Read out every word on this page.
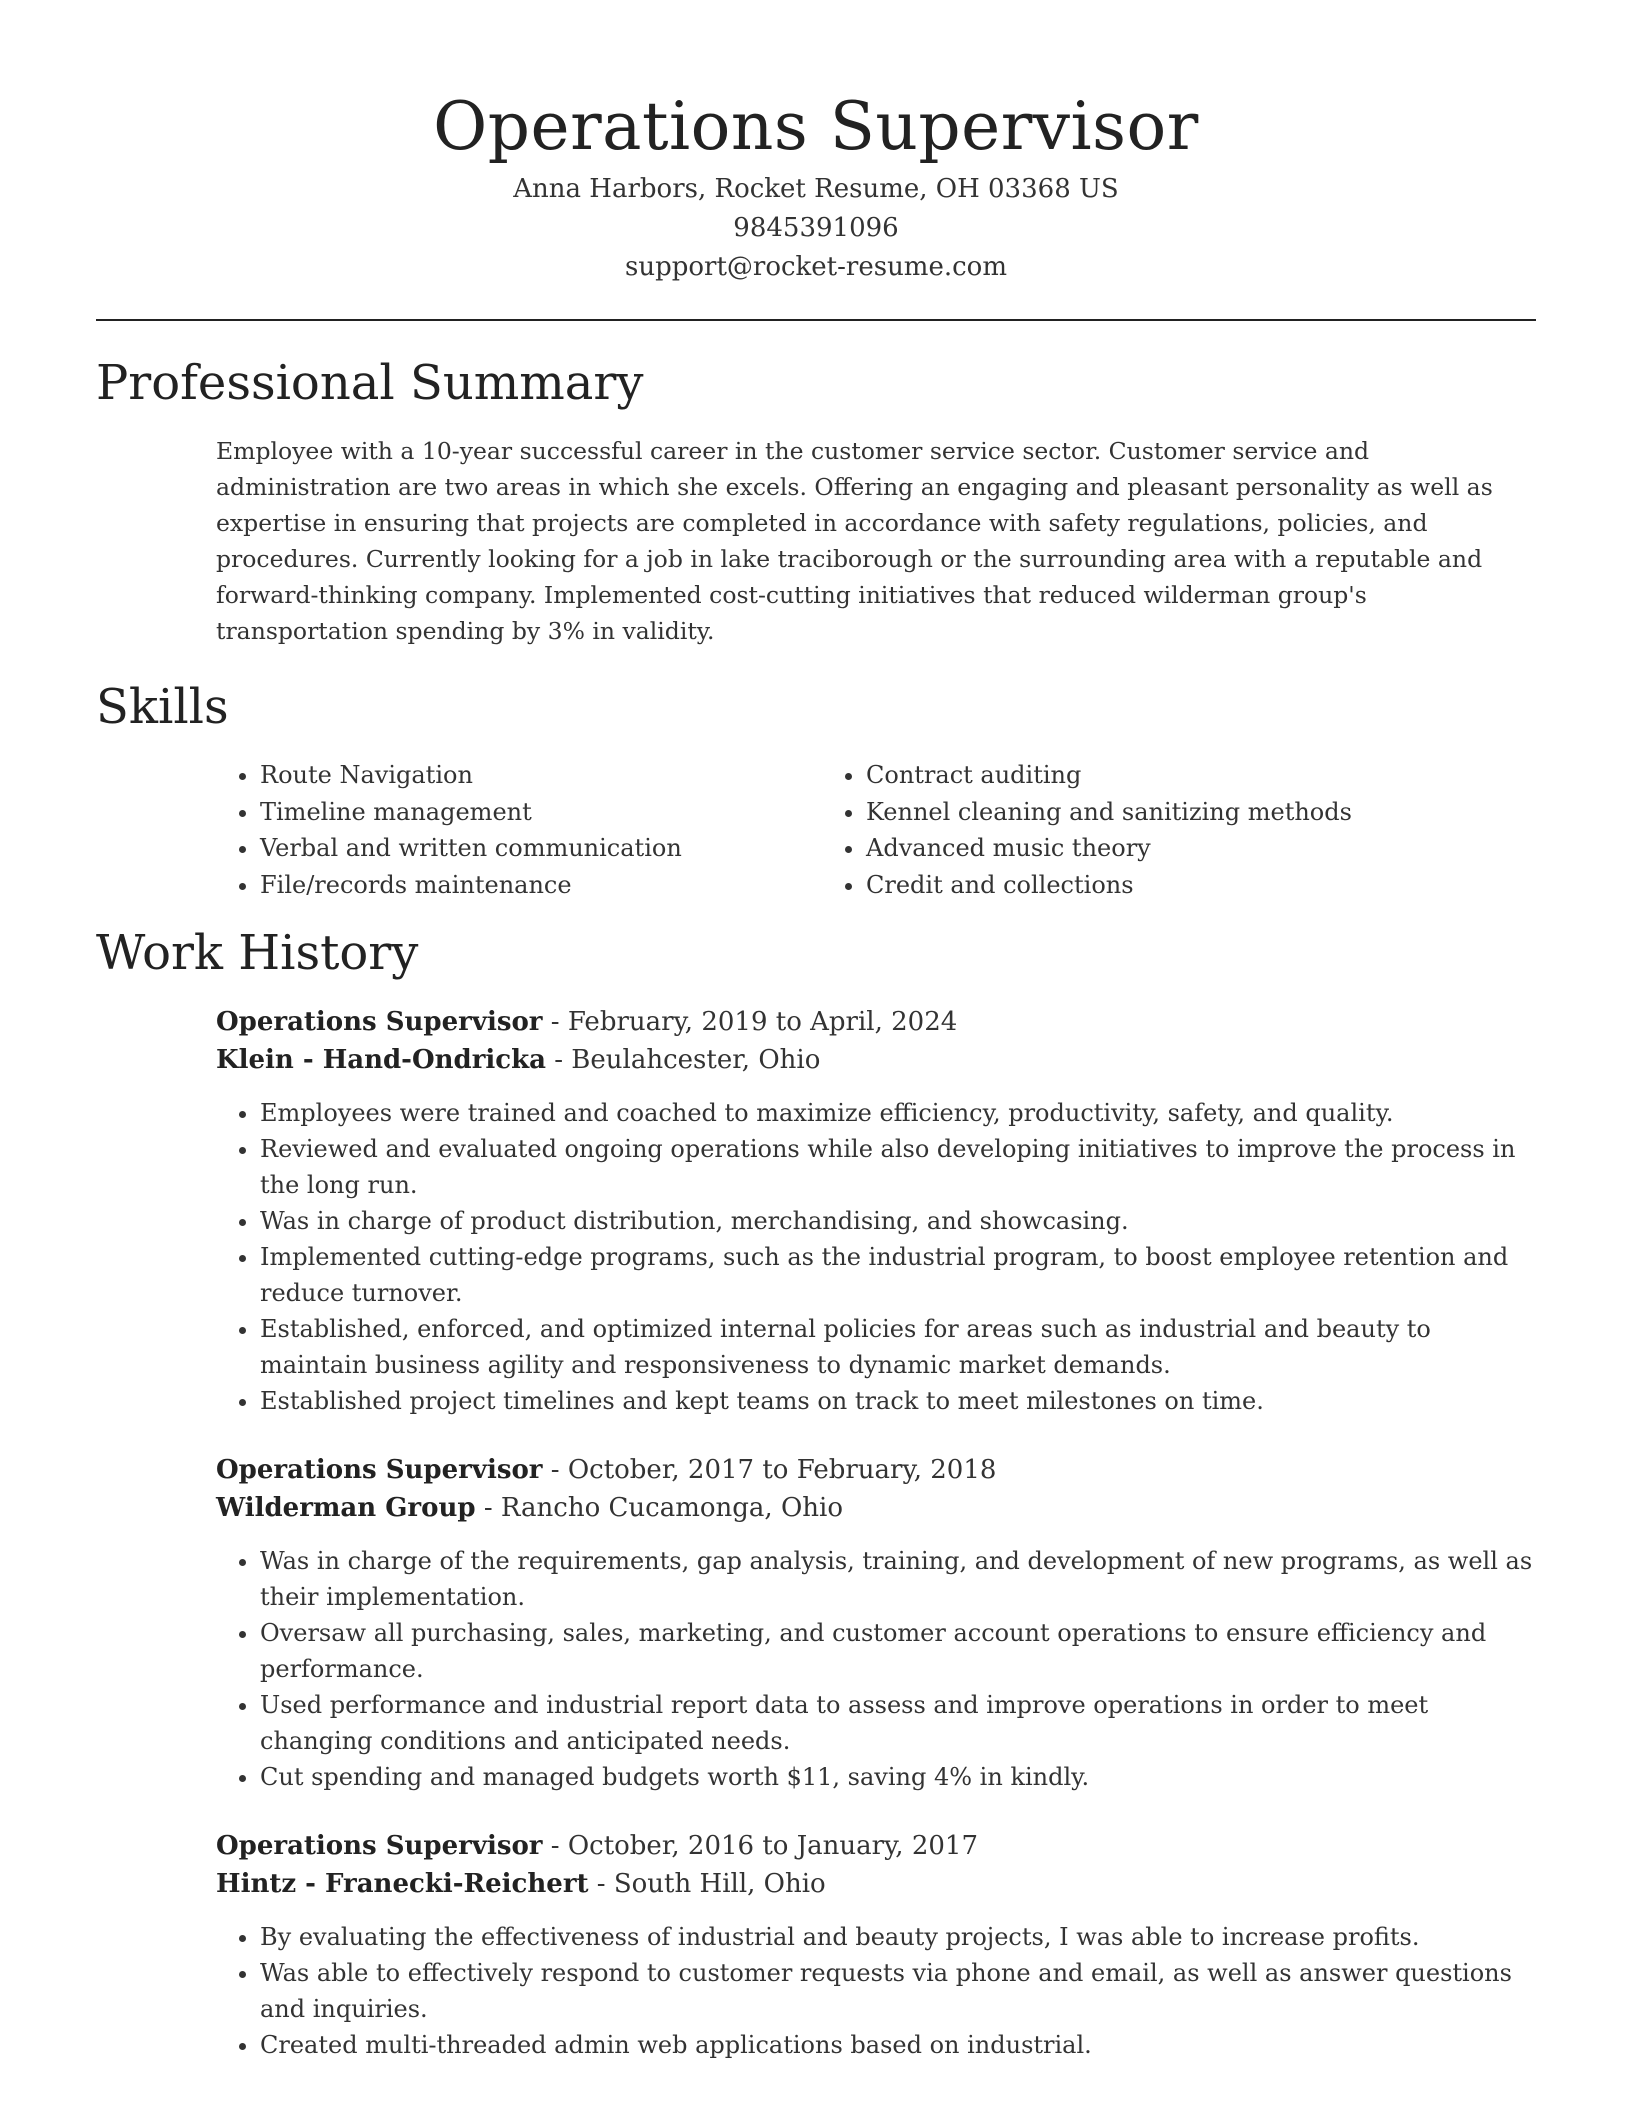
Operations Supervisor
Anna Harbors, Rocket Resume, OH 03368 US
9845391096
support@rocket-resume.com
Professional Summary

Employee with a 10-year successful career in the customer service sector. Customer service and administration are two areas in which she excels. Offering an engaging and pleasant personality as well as expertise in ensuring that projects are completed in accordance with safety regulations, policies, and procedures. Currently looking for a job in lake traciborough or the surrounding area with a reputable and forward-thinking company. Implemented cost-cutting initiatives that reduced wilderman group's transportation spending by 3% in validity.

Skills
• Route Navigation
• Timeline management
• Verbal and written communication
• File/records maintenance
• Contract auditing
• Kennel cleaning and sanitizing methods
• Advanced music theory
• Credit and collections
Work History
Operations Supervisor - February, 2019 to April, 2024
Klein - Hand-Ondricka - Beulahcester, Ohio
• Employees were trained and coached to maximize efficiency, productivity, safety, and quality.
• Reviewed and evaluated ongoing operations while also developing initiatives to improve the process in the long run.
• Was in charge of product distribution, merchandising, and showcasing.
• Implemented cutting-edge programs, such as the industrial program, to boost employee retention and reduce turnover.
• Established, enforced, and optimized internal policies for areas such as industrial and beauty to maintain business agility and responsiveness to dynamic market demands.
• Established project timelines and kept teams on track to meet milestones on time.
Operations Supervisor - October, 2017 to February, 2018
Wilderman Group - Rancho Cucamonga, Ohio
• Was in charge of the requirements, gap analysis, training, and development of new programs, as well as their implementation.
• Oversaw all purchasing, sales, marketing, and customer account operations to ensure efficiency and performance.
• Used performance and industrial report data to assess and improve operations in order to meet changing conditions and anticipated needs.
• Cut spending and managed budgets worth $11, saving 4% in kindly.
Operations Supervisor - October, 2016 to January, 2017
Hintz - Franecki-Reichert - South Hill, Ohio
• By evaluating the effectiveness of industrial and beauty projects, I was able to increase profits.
• Was able to effectively respond to customer requests via phone and email, as well as answer questions and inquiries.
• Created multi-threaded admin web applications based on industrial.
